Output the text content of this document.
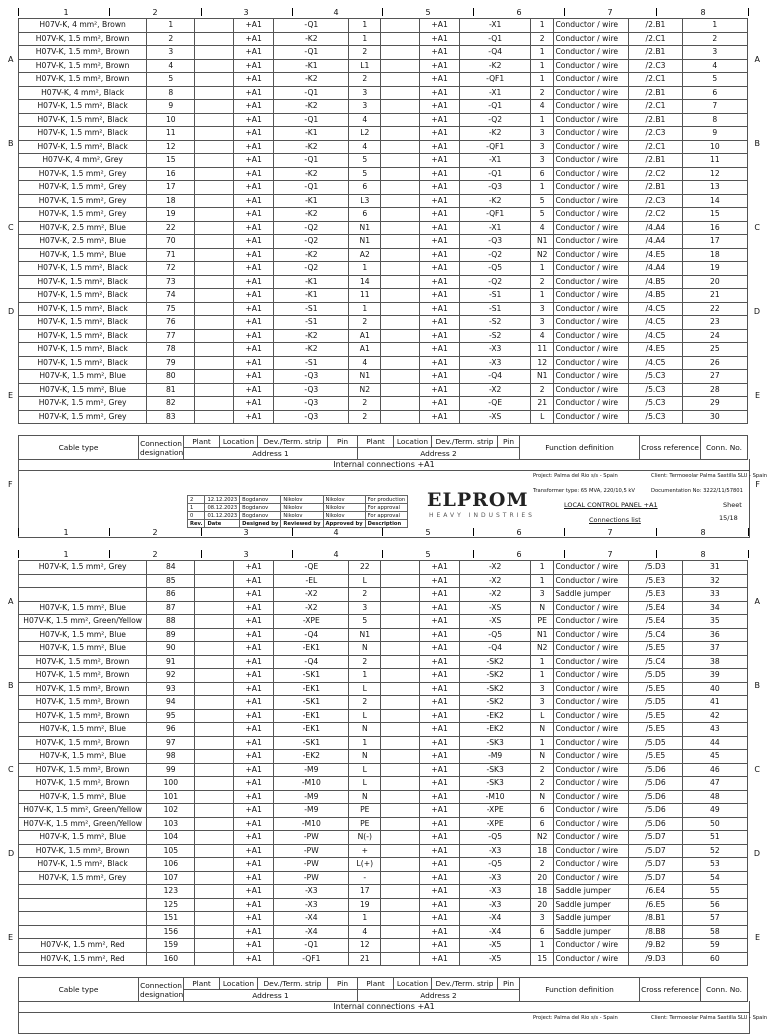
1	2	3	4	5	6	7	8
A	A
B	B
C	C
D	D
E	E
H07V-K, 4 mm², Brown	1		+A1	-Q1	1		+A1	-X1	1	Conductor / wire	/2.B1	1
H07V-K, 1.5 mm², Brown	2		+A1	-K2	1		+A1	-Q1	2	Conductor / wire	/2.C1	2
H07V-K, 1.5 mm², Brown	3		+A1	-Q1	2		+A1	-Q4	1	Conductor / wire	/2.B1	3
H07V-K, 1.5 mm², Brown	4		+A1	-K1	L1		+A1	-K2	1	Conductor / wire	/2.C3	4
H07V-K, 1.5 mm², Brown	5		+A1	-K2	2		+A1	-QF1	1	Conductor / wire	/2.C1	5
H07V-K, 4 mm², Black	8		+A1	-Q1	3		+A1	-X1	2	Conductor / wire	/2.B1	6
H07V-K, 1.5 mm², Black	9		+A1	-K2	3		+A1	-Q1	4	Conductor / wire	/2.C1	7
H07V-K, 1.5 mm², Black	10		+A1	-Q1	4		+A1	-Q2	1	Conductor / wire	/2.B1	8
H07V-K, 1.5 mm², Black	11		+A1	-K1	L2		+A1	-K2	3	Conductor / wire	/2.C3	9
H07V-K, 1.5 mm², Black	12		+A1	-K2	4		+A1	-QF1	3	Conductor / wire	/2.C1	10
H07V-K, 4 mm², Grey	15		+A1	-Q1	5		+A1	-X1	3	Conductor / wire	/2.B1	11
H07V-K, 1.5 mm², Grey	16		+A1	-K2	5		+A1	-Q1	6	Conductor / wire	/2.C2	12
H07V-K, 1.5 mm², Grey	17		+A1	-Q1	6		+A1	-Q3	1	Conductor / wire	/2.B1	13
H07V-K, 1.5 mm², Grey	18		+A1	-K1	L3		+A1	-K2	5	Conductor / wire	/2.C3	14
H07V-K, 1.5 mm², Grey	19		+A1	-K2	6		+A1	-QF1	5	Conductor / wire	/2.C2	15
H07V-K, 2.5 mm², Blue	22		+A1	-Q2	N1		+A1	-X1	4	Conductor / wire	/4.A4	16
H07V-K, 2.5 mm², Blue	70		+A1	-Q2	N1		+A1	-Q3	N1	Conductor / wire	/4.A4	17
H07V-K, 1.5 mm², Blue	71		+A1	-K2	A2		+A1	-Q2	N2	Conductor / wire	/4.E5	18
H07V-K, 1.5 mm², Black	72		+A1	-Q2	1		+A1	-Q5	1	Conductor / wire	/4.A4	19
H07V-K, 1.5 mm², Black	73		+A1	-K1	14		+A1	-Q2	2	Conductor / wire	/4.B5	20
H07V-K, 1.5 mm², Black	74		+A1	-K1	11		+A1	-S1	1	Conductor / wire	/4.B5	21
H07V-K, 1.5 mm², Black	75		+A1	-S1	1		+A1	-S1	3	Conductor / wire	/4.C5	22
H07V-K, 1.5 mm², Black	76		+A1	-S1	2		+A1	-S2	3	Conductor / wire	/4.C5	23
H07V-K, 1.5 mm², Black	77		+A1	-K2	A1		+A1	-S2	4	Conductor / wire	/4.C5	24
H07V-K, 1.5 mm², Black	78		+A1	-K2	A1		+A1	-X3	11	Conductor / wire	/4.E5	25
H07V-K, 1.5 mm², Black	79		+A1	-S1	4		+A1	-X3	12	Conductor / wire	/4.C5	26
H07V-K, 1.5 mm², Blue	80		+A1	-Q3	N1		+A1	-Q4	N1	Conductor / wire	/5.C3	27
H07V-K, 1.5 mm², Blue	81		+A1	-Q3	N2		+A1	-X2	2	Conductor / wire	/5.C3	28
H07V-K, 1.5 mm², Grey	82		+A1	-Q3	2		+A1	-QE	21	Conductor / wire	/5.C3	29
H07V-K, 1.5 mm², Grey	83		+A1	-Q3	2		+A1	-XS	L	Conductor / wire	/5.C3	30
Cable type	Connection designation	Plant	Location	Dev./Term. strip	Pin	Plant	Location	Dev./Term. strip	Pin	Function definition	Cross reference	Conn. No.
		Address 1				Address 2						
Internal connections +A1
2	12.12.2023	Bogdanov	Nikolov	Nikolov	For production
1	08.12.2023	Bogdanov	Nikolov	Nikolov	For approval
0	01.12.2023	Bogdanov	Nikolov	Nikolov	For approval
Rev.	Date	Designed by	Reviewed by	Approved by	Description
ELPROM
HEAVY INDUSTRIES
Project: Palma del Rio s/s - Spain	Client: Termoeolar Palma Sastilla SLU - Spain
Transformer type: 65 MVA, 220/10,5 kV	Documentation No: 3222/11/57801
LOCAL CONTROL PANEL +A1
Connections list
Sheet
15/18
F	F
1	2	3	4	5	6	7	8
1	2	3	4	5	6	7	8
A	A
B	B
C	C
D	D
E	E
H07V-K, 1.5 mm², Grey	84		+A1	-QE	22		+A1	-X2	1	Conductor / wire	/5.D3	31
	85		+A1	-EL	L		+A1	-X2	1	Conductor / wire	/5.E3	32
	86		+A1	-X2	2		+A1	-X2	3	Saddle jumper	/5.E3	33
H07V-K, 1.5 mm², Blue	87		+A1	-X2	3		+A1	-XS	N	Conductor / wire	/5.E4	34
H07V-K, 1.5 mm², Green/Yellow	88		+A1	-XPE	5		+A1	-XS	PE	Conductor / wire	/5.E4	35
H07V-K, 1.5 mm², Blue	89		+A1	-Q4	N1		+A1	-Q5	N1	Conductor / wire	/5.C4	36
H07V-K, 1.5 mm², Blue	90		+A1	-EK1	N		+A1	-Q4	N2	Conductor / wire	/5.E5	37
H07V-K, 1.5 mm², Brown	91		+A1	-Q4	2		+A1	-SK2	1	Conductor / wire	/5.C4	38
H07V-K, 1.5 mm², Brown	92		+A1	-SK1	1		+A1	-SK2	1	Conductor / wire	/5.D5	39
H07V-K, 1.5 mm², Brown	93		+A1	-EK1	L		+A1	-SK2	3	Conductor / wire	/5.E5	40
H07V-K, 1.5 mm², Brown	94		+A1	-SK1	2		+A1	-SK2	3	Conductor / wire	/5.D5	41
H07V-K, 1.5 mm², Brown	95		+A1	-EK1	L		+A1	-EK2	L	Conductor / wire	/5.E5	42
H07V-K, 1.5 mm², Blue	96		+A1	-EK1	N		+A1	-EK2	N	Conductor / wire	/5.E5	43
H07V-K, 1.5 mm², Brown	97		+A1	-SK1	1		+A1	-SK3	1	Conductor / wire	/5.D5	44
H07V-K, 1.5 mm², Blue	98		+A1	-EK2	N		+A1	-M9	N	Conductor / wire	/5.E5	45
H07V-K, 1.5 mm², Brown	99		+A1	-M9	L		+A1	-SK3	2	Conductor / wire	/5.D6	46
H07V-K, 1.5 mm², Brown	100		+A1	-M10	L		+A1	-SK3	2	Conductor / wire	/5.D6	47
H07V-K, 1.5 mm², Blue	101		+A1	-M9	N		+A1	-M10	N	Conductor / wire	/5.D6	48
H07V-K, 1.5 mm², Green/Yellow	102		+A1	-M9	PE		+A1	-XPE	6	Conductor / wire	/5.D6	49
H07V-K, 1.5 mm², Green/Yellow	103		+A1	-M10	PE		+A1	-XPE	6	Conductor / wire	/5.D6	50
H07V-K, 1.5 mm², Blue	104		+A1	-PW	N(-)		+A1	-Q5	N2	Conductor / wire	/5.D7	51
H07V-K, 1.5 mm², Brown	105		+A1	-PW	+		+A1	-X3	18	Conductor / wire	/5.D7	52
H07V-K, 1.5 mm², Black	106		+A1	-PW	L(+)		+A1	-Q5	2	Conductor / wire	/5.D7	53
H07V-K, 1.5 mm², Grey	107		+A1	-PW	-		+A1	-X3	20	Conductor / wire	/5.D7	54
	123		+A1	-X3	17		+A1	-X3	18	Saddle jumper	/6.E4	55
	125		+A1	-X3	19		+A1	-X3	20	Saddle jumper	/6.E5	56
	151		+A1	-X4	1		+A1	-X4	3	Saddle jumper	/8.B1	57
	156		+A1	-X4	4		+A1	-X4	6	Saddle jumper	/8.B8	58
H07V-K, 1.5 mm², Red	159		+A1	-Q1	12		+A1	-X5	1	Conductor / wire	/9.B2	59
H07V-K, 1.5 mm², Red	160		+A1	-QF1	21		+A1	-X5	15	Conductor / wire	/9.D3	60
Cable type	Connection designation	Plant	Location	Dev./Term. strip	Pin	Plant	Location	Dev./Term. strip	Pin	Function definition	Cross reference	Conn. No.
		Address 1				Address 2						
Internal connections +A1
Project: Palma del Rio s/s - Spain	Client: Termoeolar Palma Sastilla SLU - Spain
